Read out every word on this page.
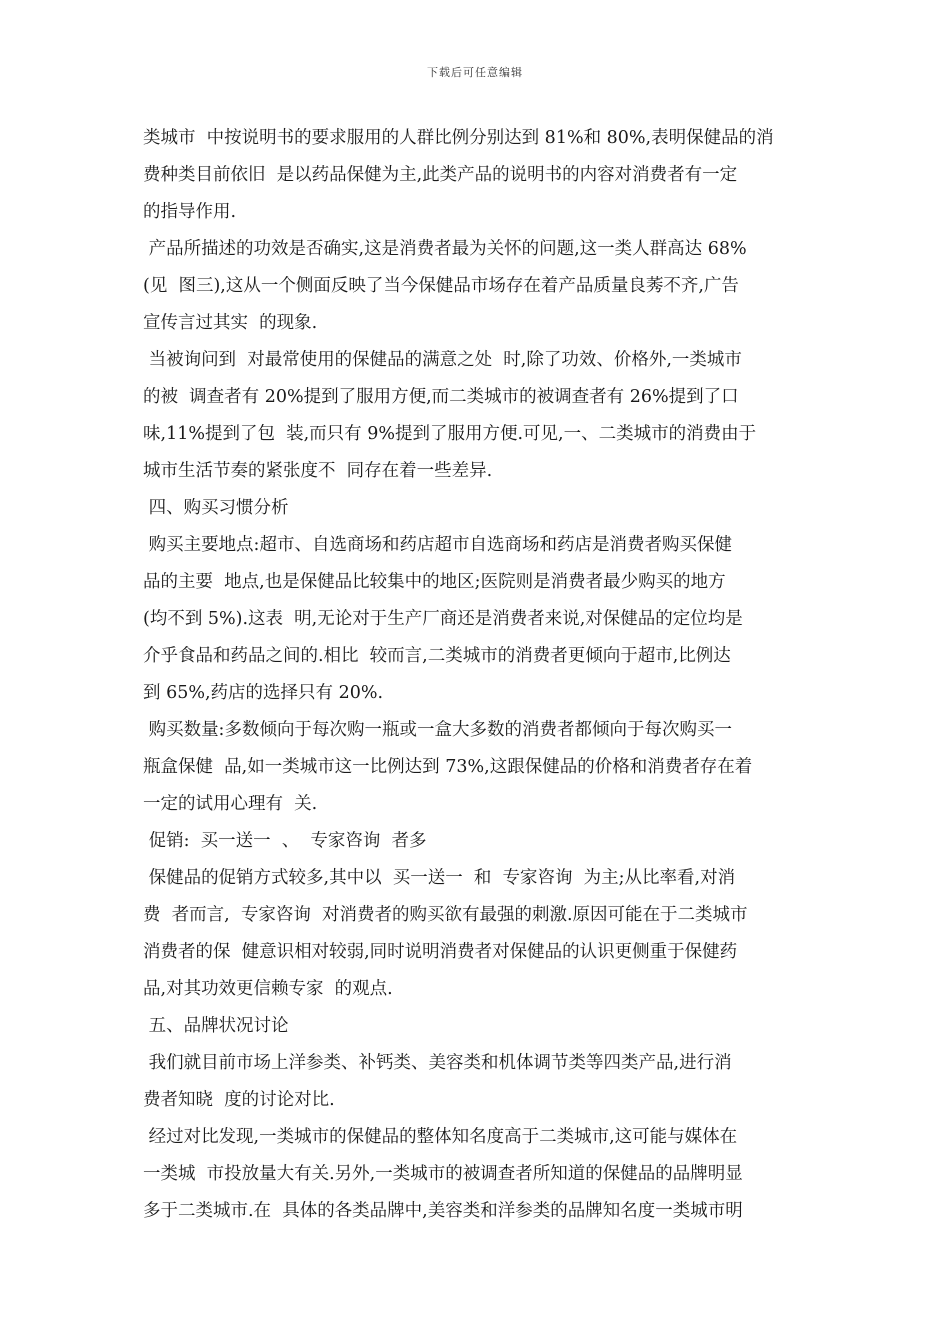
下载后可任意编辑
类城市  中按说明书的要求服用的人群比例分别达到 81%和 80%,表明保健品的消
费种类目前依旧  是以药品保健为主,此类产品的说明书的内容对消费者有一定
的指导作用.
产品所描述的功效是否确实,这是消费者最为关怀的问题,这一类人群高达 68%
(见  图三),这从一个侧面反映了当今保健品市场存在着产品质量良莠不齐,广告
宣传言过其实  的现象.
当被询问到  对最常使用的保健品的满意之处  时,除了功效、价格外,一类城市
的被  调查者有 20%提到了服用方便,而二类城市的被调查者有 26%提到了口
味,11%提到了包  装,而只有 9%提到了服用方便.可见,一、二类城市的消费由于
城市生活节奏的紧张度不  同存在着一些差异.
四、购买习惯分析
购买主要地点:超市、自选商场和药店超市自选商场和药店是消费者购买保健
品的主要  地点,也是保健品比较集中的地区;医院则是消费者最少购买的地方
(均不到 5%).这表  明,无论对于生产厂商还是消费者来说,对保健品的定位均是
介乎食品和药品之间的.相比  较而言,二类城市的消费者更倾向于超市,比例达
到 65%,药店的选择只有 20%.
购买数量:多数倾向于每次购一瓶或一盒大多数的消费者都倾向于每次购买一
瓶盒保健  品,如一类城市这一比例达到 73%,这跟保健品的价格和消费者存在着
一定的试用心理有  关.
促销:  买一送一  、  专家咨询  者多
保健品的促销方式较多,其中以  买一送一  和  专家咨询  为主;从比率看,对消
费  者而言,  专家咨询  对消费者的购买欲有最强的刺激.原因可能在于二类城市
消费者的保  健意识相对较弱,同时说明消费者对保健品的认识更侧重于保健药
品,对其功效更信赖专家  的观点.
五、品牌状况讨论
我们就目前市场上洋参类、补钙类、美容类和机体调节类等四类产品,进行消
费者知晓  度的讨论对比.
经过对比发现,一类城市的保健品的整体知名度高于二类城市,这可能与媒体在
一类城  市投放量大有关.另外,一类城市的被调查者所知道的保健品的品牌明显
多于二类城市.在  具体的各类品牌中,美容类和洋参类的品牌知名度一类城市明
